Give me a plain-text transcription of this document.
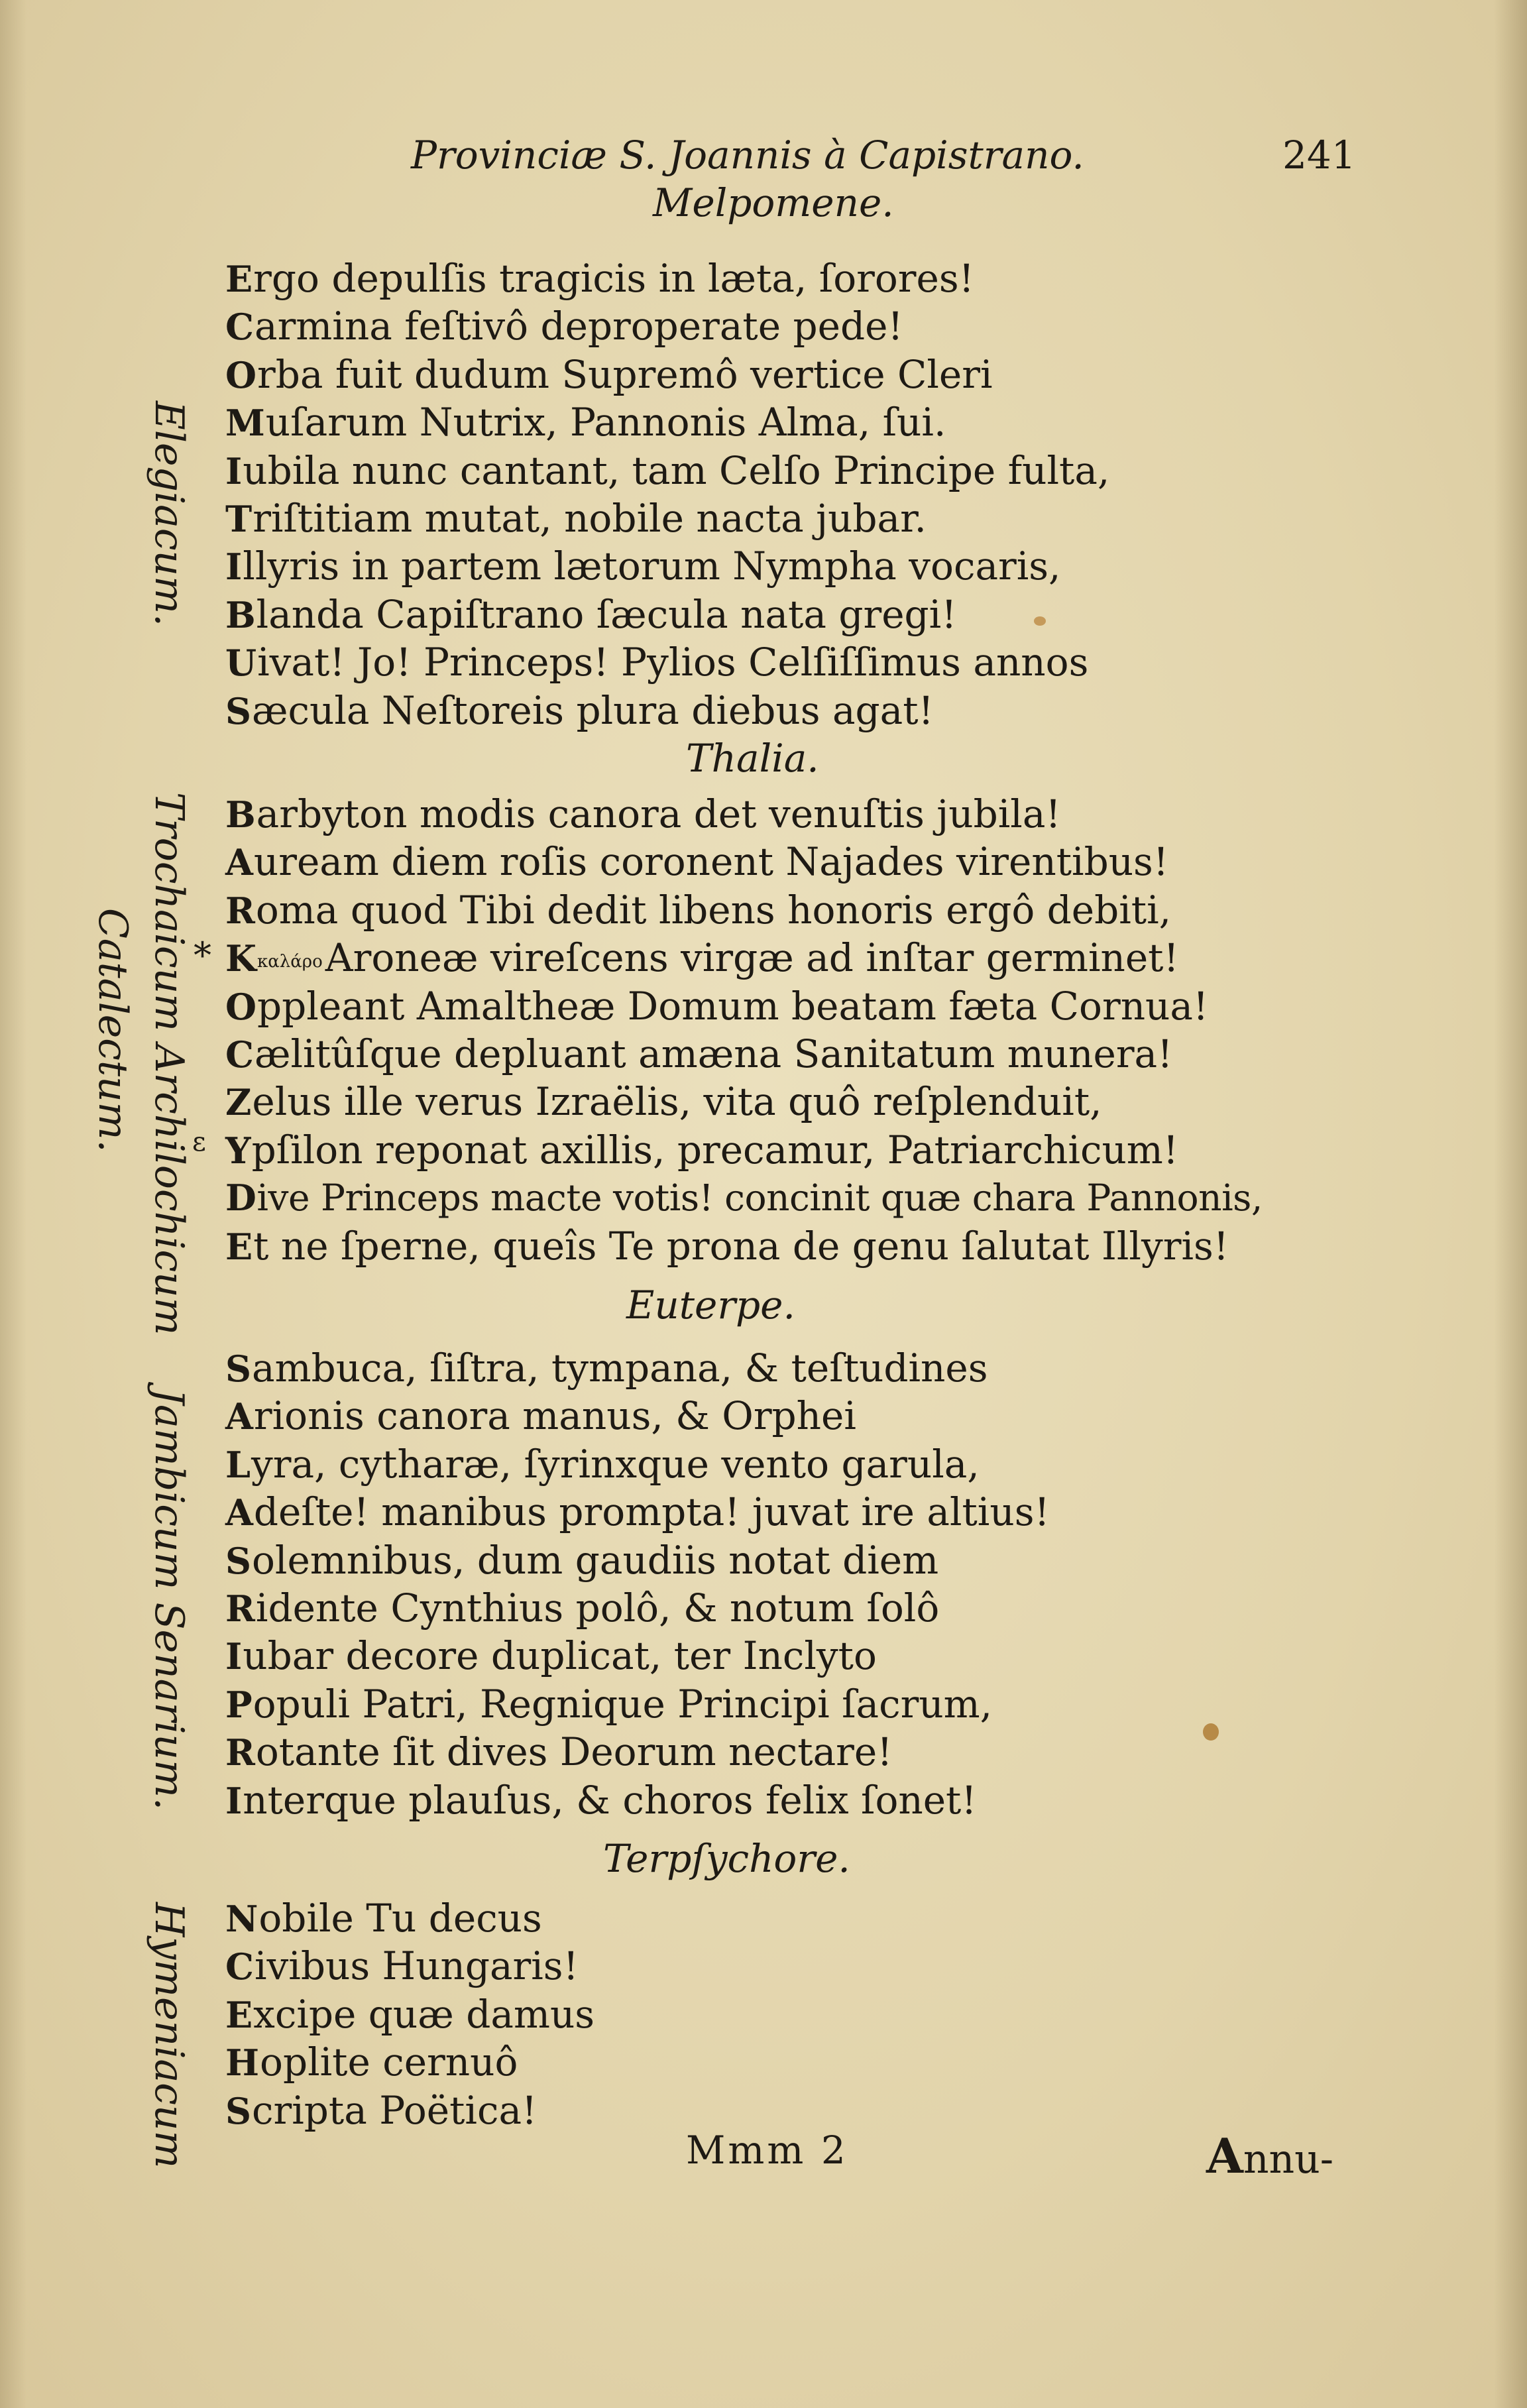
Provinciæ S. Joannis à Capistrano.	241
Melpomene.
Elegiacum.
Ergo depulſis tragicis in læta, ſorores!
Carmina feſtivô deproperate pede!
Orba fuit dudum Supremô vertice Cleri
Muſarum Nutrix, Pannonis Alma, ſui.
Iubila nunc cantant, tam Celſo Principe fulta,
Triſtitiam mutat, nobile nacta jubar.
Illyris in partem lætorum Nympha vocaris,
Blanda Capiſtrano ſæcula nata gregi!
Uivat! Jo! Princeps! Pylios Celſiſſimus annos
Sæcula Neſtoreis plura diebus agat!
Thalia.
Trochaicum Archilochicum
Catalectum. *
ε
Barbyton modis canora det venuſtis jubila!
Auream diem roſis coronent Najades virentibus!
Roma quod Tibi dedit libens honoris ergô debiti,
KκαλάροAroneæ vireſcens virgæ ad inſtar germinet!
Oppleant Amaltheæ Domum beatam fæta Cornua!
Cælitûſque depluant amæna Sanitatum munera!
Zelus ille verus Izraëlis, vita quô reſplenduit,
Ypſilon reponat axillis, precamur, Patriarchicum!
Dive Princeps macte votis! concinit quæ chara Pannonis,
Et ne ſperne, queîs Te prona de genu ſalutat Illyris!
Euterpe.
Jambicum Senarium.
Sambuca, ſiſtra, tympana, & teſtudines
Arionis canora manus, & Orphei
Lyra, cytharæ, ſyrinxque vento garula,
Adeſte! manibus prompta! juvat ire altius!
Solemnibus, dum gaudiis notat diem
Ridente Cynthius polô, & notum ſolô
Iubar decore duplicat, ter Inclyto
Populi Patri, Regnique Principi ſacrum,
Rotante ſit dives Deorum nectare!
Interque plauſus, & choros felix ſonet!
Terpſychore.
Hymeniacum Nobile Tu decus
Civibus Hungaris!
Excipe quæ damus
Hoplite cernuô
Scripta Poëtica!
Mmm 2	Annu-
